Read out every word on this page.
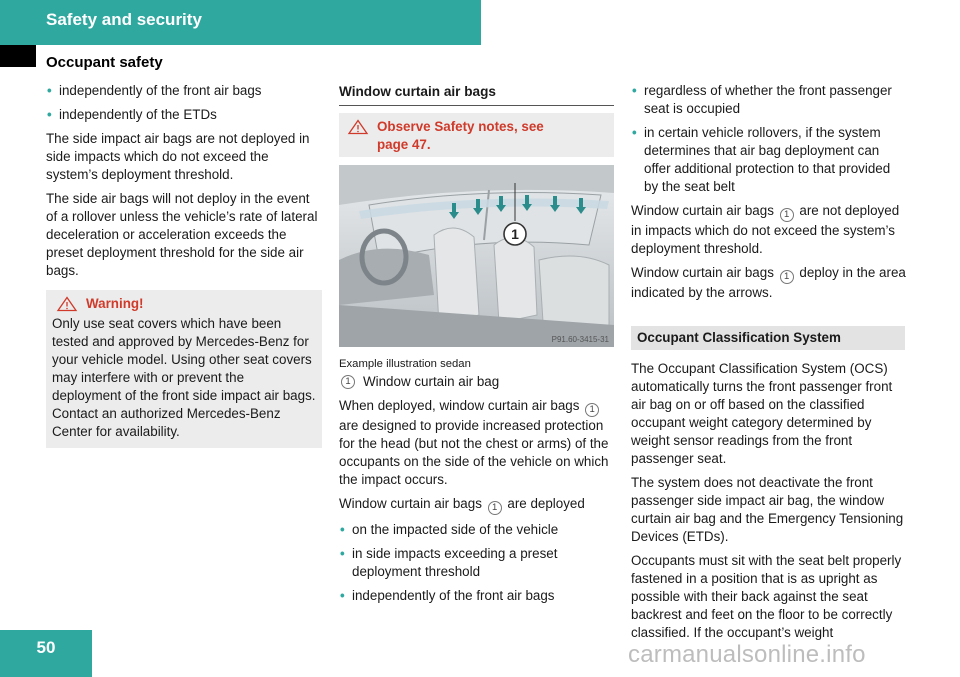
Safety and security
Occupant safety
• independently of the front air bags
• independently of the ETDs

The side impact air bags are not deployed in side impacts which do not exceed the system’s deployment threshold.

The side air bags will not deploy in the event of a rollover unless the vehicle’s rate of lateral deceleration or acceleration exceeds the preset deployment threshold for the side air bags.

Warning!
Only use seat covers which have been tested and approved by Mercedes-Benz for your vehicle model. Using other seat covers may interfere with or prevent the deployment of the front side impact air bags. Contact an authorized Mercedes-Benz Center for availability.
Window curtain air bags
Observe Safety notes, see page 47.
1
P91.60-3415-31
Example illustration sedan
1 Window curtain air bag

When deployed, window curtain air bags 1 are designed to provide increased protection for the head (but not the chest or arms) of the occupants on the side of the vehicle on which the impact occurs.

Window curtain air bags 1 are deployed

• on the impacted side of the vehicle
• in side impacts exceeding a preset deployment threshold
• independently of the front air bags
• regardless of whether the front passenger seat is occupied
• in certain vehicle rollovers, if the system determines that air bag deployment can offer additional protection to that provided by the seat belt

Window curtain air bags 1 are not deployed in impacts which do not exceed the system’s deployment threshold.

Window curtain air bags 1 deploy in the area indicated by the arrows.

Occupant Classification System

The Occupant Classification System (OCS) automatically turns the front passenger front air bag on or off based on the classified occupant weight category determined by weight sensor readings from the front passenger seat.

The system does not deactivate the front passenger side impact air bag, the window curtain air bag and the Emergency Tensioning Devices (ETDs).

Occupants must sit with the seat belt properly fastened in a position that is as upright as possible with their back against the seat backrest and feet on the floor to be correctly classified. If the occupant’s weight

50	carmanualsonline.info
